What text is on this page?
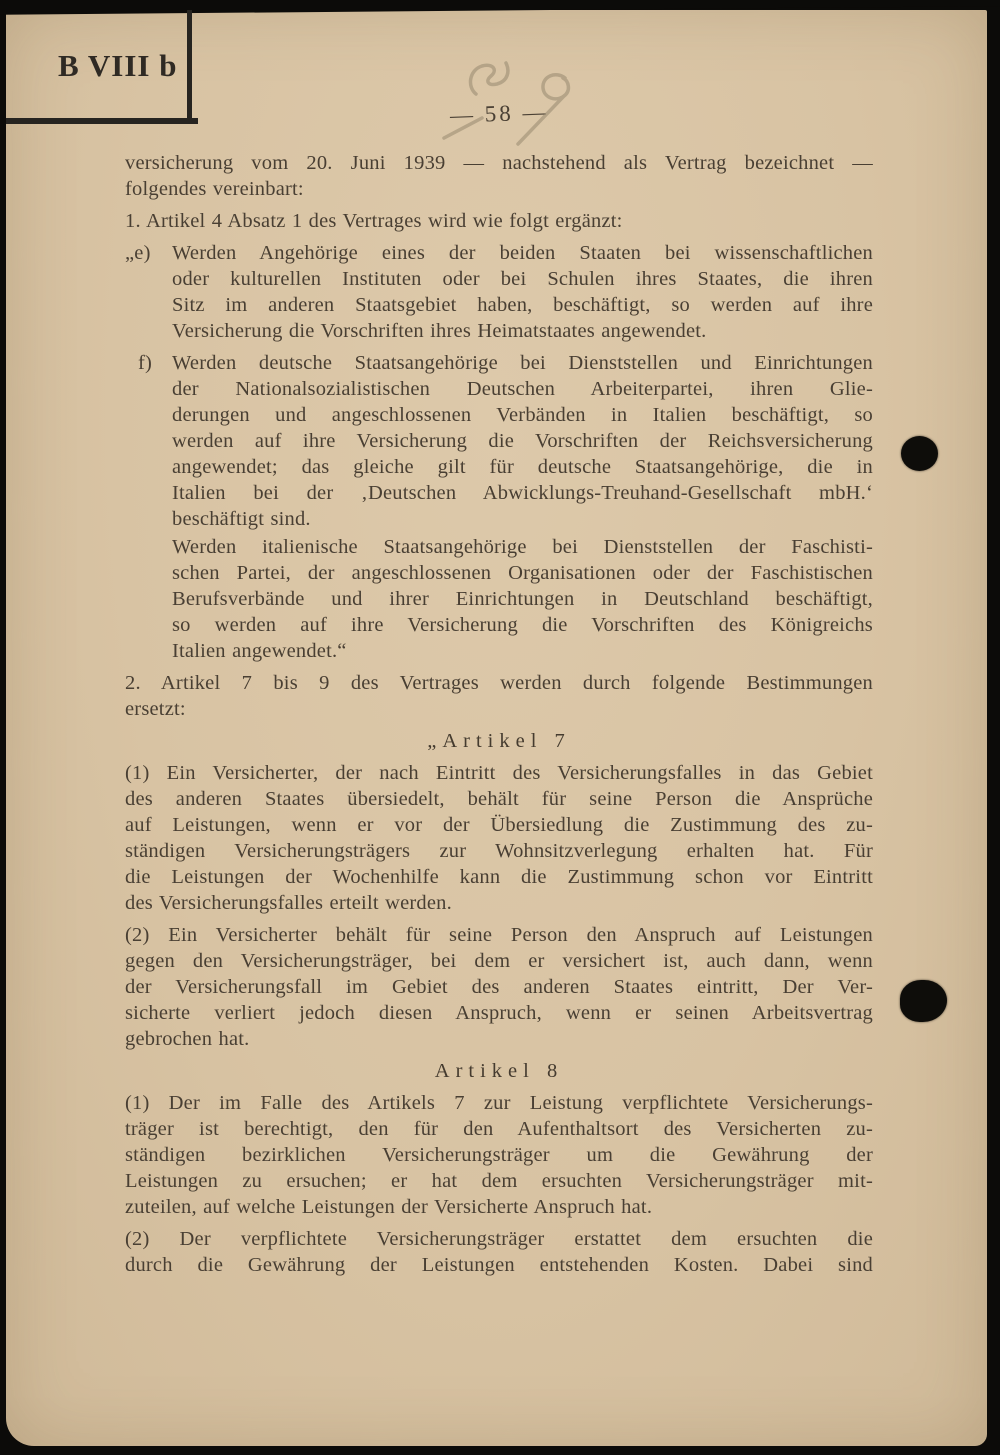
B VIII b
— 58 —
versicherung vom 20. Juni 1939 — nachstehend als Vertrag bezeichnet —
folgendes vereinbart:
1. Artikel 4 Absatz 1 des Vertrages wird wie folgt ergänzt:
„e) Werden Angehörige eines der beiden Staaten bei wissenschaftlichen
oder kulturellen Instituten oder bei Schulen ihres Staates, die ihren
Sitz im anderen Staatsgebiet haben, beschäftigt, so werden auf ihre
Versicherung die Vorschriften ihres Heimatstaates angewendet.
f) Werden deutsche Staatsangehörige bei Dienststellen und Einrichtungen
der Nationalsozialistischen Deutschen Arbeiterpartei, ihren Glie-
derungen und angeschlossenen Verbänden in Italien beschäftigt, so
werden auf ihre Versicherung die Vorschriften der Reichsversicherung
angewendet; das gleiche gilt für deutsche Staatsangehörige, die in
Italien bei der ‚Deutschen Abwicklungs-Treuhand-Gesellschaft mbH.‘
beschäftigt sind.
Werden italienische Staatsangehörige bei Dienststellen der Faschisti-
schen Partei, der angeschlossenen Organisationen oder der Faschistischen
Berufsverbände und ihrer Einrichtungen in Deutschland beschäftigt,
so werden auf ihre Versicherung die Vorschriften des Königreichs
Italien angewendet.“
2. Artikel 7 bis 9 des Vertrages werden durch folgende Bestimmungen
ersetzt:
„Artikel 7
(1) Ein Versicherter, der nach Eintritt des Versicherungsfalles in das Gebiet
des anderen Staates übersiedelt, behält für seine Person die Ansprüche
auf Leistungen, wenn er vor der Übersiedlung die Zustimmung des zu-
ständigen Versicherungsträgers zur Wohnsitzverlegung erhalten hat. Für
die Leistungen der Wochenhilfe kann die Zustimmung schon vor Eintritt
des Versicherungsfalles erteilt werden.
(2) Ein Versicherter behält für seine Person den Anspruch auf Leistungen
gegen den Versicherungsträger, bei dem er versichert ist, auch dann, wenn
der Versicherungsfall im Gebiet des anderen Staates eintritt, Der Ver-
sicherte verliert jedoch diesen Anspruch, wenn er seinen Arbeitsvertrag
gebrochen hat.
Artikel 8
(1) Der im Falle des Artikels 7 zur Leistung verpflichtete Versicherungs-
träger ist berechtigt, den für den Aufenthaltsort des Versicherten zu-
ständigen bezirklichen Versicherungsträger um die Gewährung der
Leistungen zu ersuchen; er hat dem ersuchten Versicherungsträger mit-
zuteilen, auf welche Leistungen der Versicherte Anspruch hat.
(2) Der verpflichtete Versicherungsträger erstattet dem ersuchten die
durch die Gewährung der Leistungen entstehenden Kosten. Dabei sind
